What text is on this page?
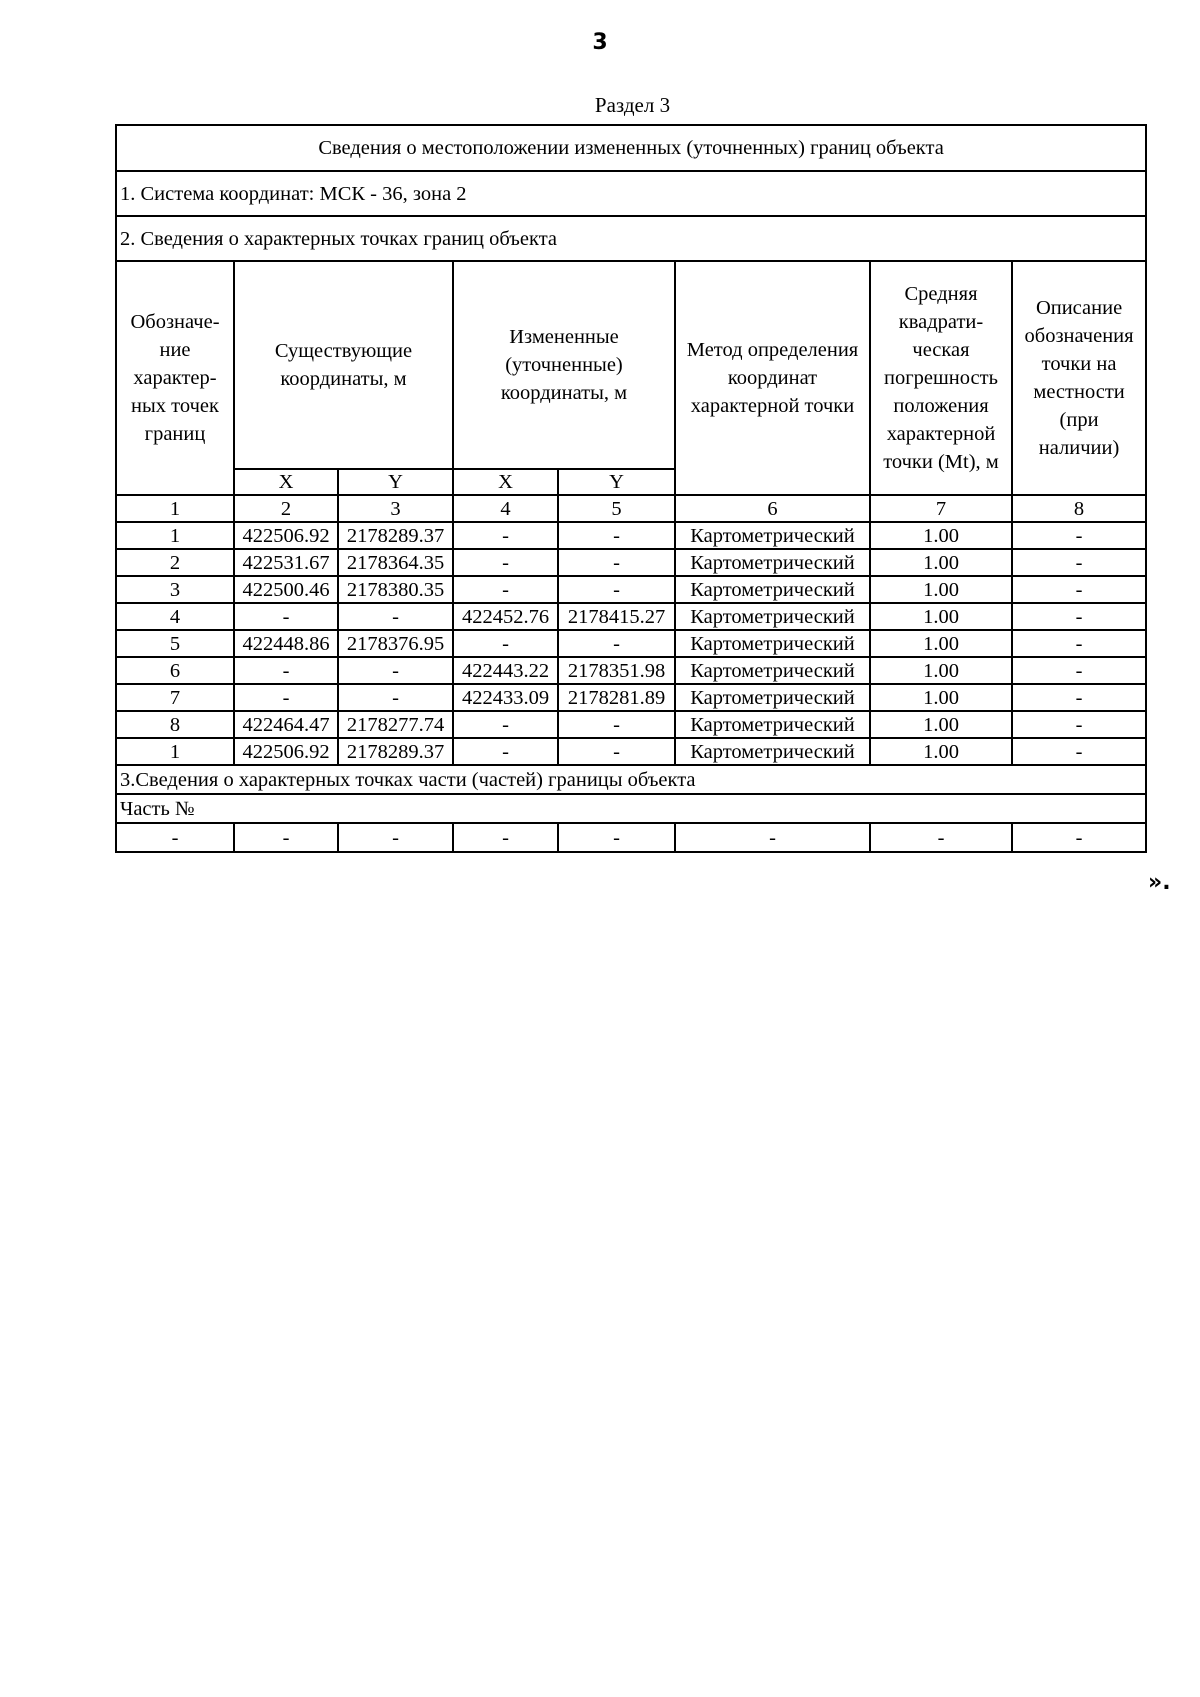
3
Раздел 3
Сведения о местоположении измененных (уточненных) границ объекта							
1. Система координат: МСК - 36, зона 2							
2. Сведения о характерных точках границ объекта							
Обозначе-ние характер-ных точек границ	Существующие координаты, м		Измененные (уточненные) координаты, м		Метод определения координат характерной точки	Средняя квадрати-ческая погрешность положения характерной точки (Mt), м	Описание обозначения точки на местности (при наличии)
	X	Y	X	Y			
1	2	3	4	5	6	7	8
1	422506.92	2178289.37	-	-	Картометрический	1.00	-
2	422531.67	2178364.35	-	-	Картометрический	1.00	-
3	422500.46	2178380.35	-	-	Картометрический	1.00	-
4	-	-	422452.76	2178415.27	Картометрический	1.00	-
5	422448.86	2178376.95	-	-	Картометрический	1.00	-
6	-	-	422443.22	2178351.98	Картометрический	1.00	-
7	-	-	422433.09	2178281.89	Картометрический	1.00	-
8	422464.47	2178277.74	-	-	Картометрический	1.00	-
1	422506.92	2178289.37	-	-	Картометрический	1.00	-
3.Сведения о характерных точках части (частей) границы объекта							
Часть №							
-	-	-	-	-	-	-	-
».
